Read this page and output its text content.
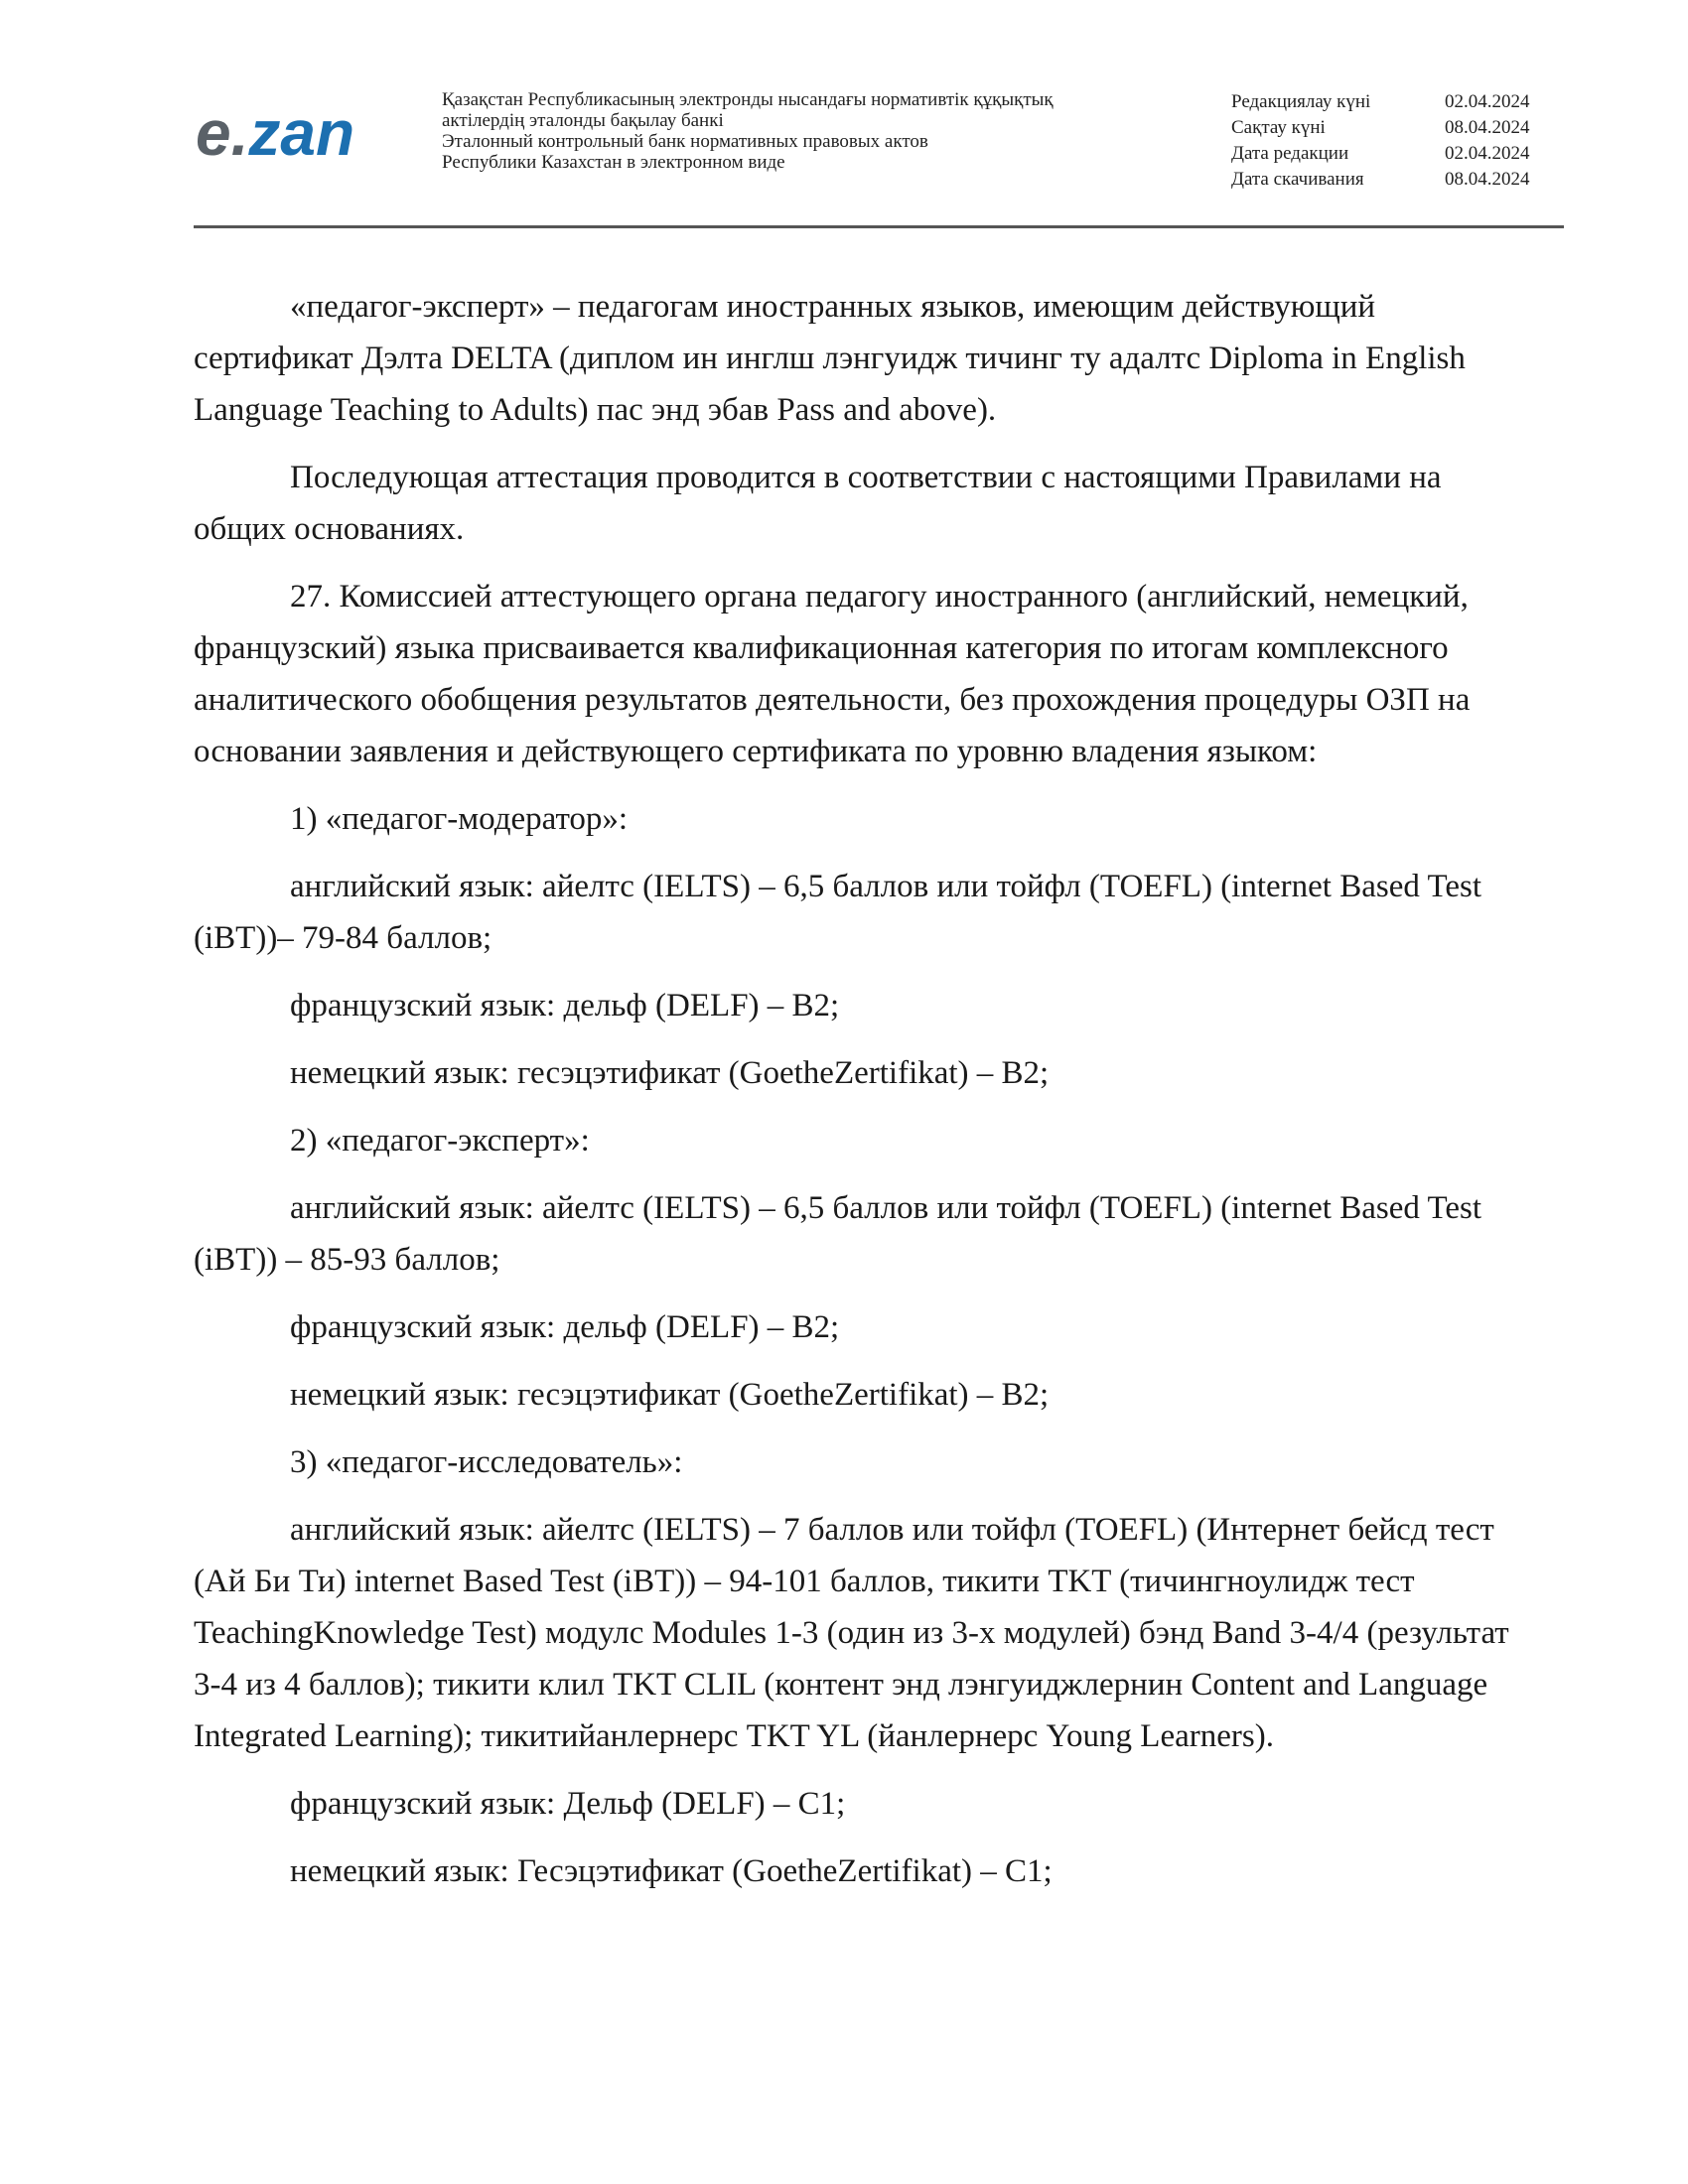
e.zan	Қазақстан Республикасының электронды нысандағы нормативтік құқықтық
актілердің эталонды бақылау банкі
Эталонный контрольный банк нормативных правовых актов
Республики Казахстан в электронном виде
Редакциялау күні	02.04.2024
Сақтау күні	08.04.2024
Дата редакции	02.04.2024
Дата скачивания	08.04.2024

«педагог-эксперт» – педагогам иностранных языков, имеющим действующий сертификат Дэлта DELTA (диплом ин инглш лэнгуидж тичинг ту адалтс Diploma in English Language Teaching to Adults) пас энд эбав Pass and above).

Последующая аттестация проводится в соответствии с настоящими Правилами на общих основаниях.

27. Комиссией аттестующего органа педагогу иностранного (английский, немецкий, французский) языка присваивается квалификационная категория по итогам комплексного аналитического обобщения результатов деятельности, без прохождения процедуры ОЗП на основании заявления и действующего сертификата по уровню владения языком:

1) «педагог-модератор»:

английский язык: айелтс (IELTS) – 6,5 баллов или тойфл (TOEFL) (internet Based Test (iBT))– 79-84 баллов;

французский язык: дельф (DELF) – B2;

немецкий язык: гесэцэтификат (GoetheZertifikat) – B2;

2) «педагог-эксперт»:

английский язык: айелтс (IELTS) – 6,5 баллов или тойфл (TOEFL) (internet Based Test (iBT)) – 85-93 баллов;

французский язык: дельф (DELF) – B2;

немецкий язык: гесэцэтификат (GoetheZertifikat) – B2;

3) «педагог-исследователь»:

английский язык: айелтс (IELTS) – 7 баллов или тойфл (TOEFL) (Интернет бейсд тест (Ай Би Ти) internet Based Test (iBT)) – 94-101 баллов, тикити TKT (тичингноулидж тест TeachingKnowledge Test) модулс Modules 1-3 (один из 3-х модулей) бэнд Band 3-4/4 (результат 3-4 из 4 баллов); тикити клил TKT CLIL (контент энд лэнгуиджлернин Content and Language Integrated Learning); тикитийанлернерс TKT YL (йанлернерс Young Learners).

французский язык: Дельф (DELF) – C1;

немецкий язык: Гесэцэтификат (GoetheZertifikat) – C1;
